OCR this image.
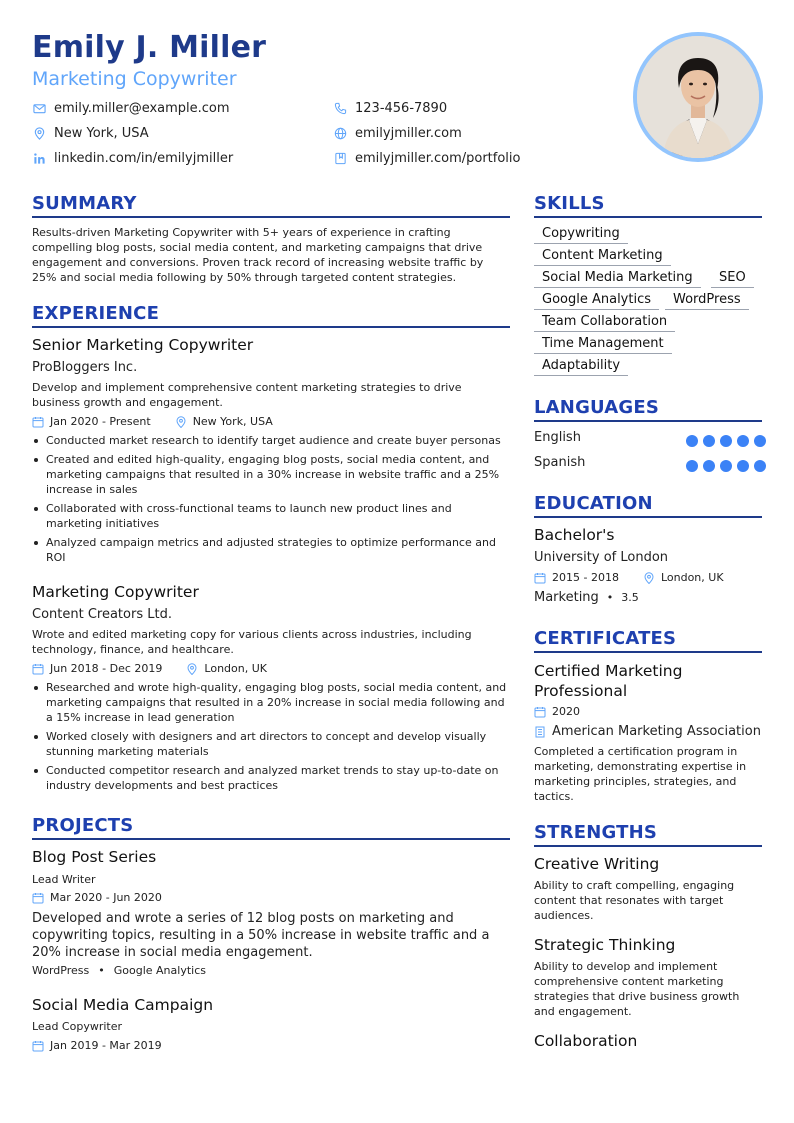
Emily J. Miller
Marketing Copywriter
emily.miller@example.com	123-456-7890
New York, USA	emilyjmiller.com
linkedin.com/in/emilyjmiller	emilyjmiller.com/portfolio
SUMMARY
Results-driven Marketing Copywriter with 5+ years of experience in crafting compelling blog posts, social media content, and marketing campaigns that drive engagement and conversions. Proven track record of increasing website traffic by 25% and social media following by 50% through targeted content strategies.
EXPERIENCE
Senior Marketing Copywriter
ProBloggers Inc.
Develop and implement comprehensive content marketing strategies to drive business growth and engagement.
Jan 2020 - Present	New York, USA
Conducted market research to identify target audience and create buyer personas
Created and edited high-quality, engaging blog posts, social media content, and marketing campaigns that resulted in a 30% increase in website traffic and a 25% increase in sales
Collaborated with cross-functional teams to launch new product lines and marketing initiatives
Analyzed campaign metrics and adjusted strategies to optimize performance and ROI
Marketing Copywriter
Content Creators Ltd.
Wrote and edited marketing copy for various clients across industries, including technology, finance, and healthcare.
Jun 2018 - Dec 2019	London, UK
Researched and wrote high-quality, engaging blog posts, social media content, and marketing campaigns that resulted in a 20% increase in social media following and a 15% increase in lead generation
Worked closely with designers and art directors to concept and develop visually stunning marketing materials
Conducted competitor research and analyzed market trends to stay up-to-date on industry developments and best practices
PROJECTS
Blog Post Series
Lead Writer
Mar 2020 - Jun 2020
Developed and wrote a series of 12 blog posts on marketing and copywriting topics, resulting in a 50% increase in website traffic and a 20% increase in social media engagement.
WordPress • Google Analytics
Social Media Campaign
Lead Copywriter
Jan 2019 - Mar 2019
SKILLS
Copywriting
Content Marketing
Social Media Marketing	SEO
Google Analytics	WordPress
Team Collaboration
Time Management
Adaptability
LANGUAGES
English
Spanish
EDUCATION
Bachelor's
University of London
2015 - 2018	London, UK
Marketing • 3.5
CERTIFICATES
Certified Marketing Professional
2020
American Marketing Association
Completed a certification program in marketing, demonstrating expertise in marketing principles, strategies, and tactics.
STRENGTHS
Creative Writing
Ability to craft compelling, engaging content that resonates with target audiences.
Strategic Thinking
Ability to develop and implement comprehensive content marketing strategies that drive business growth and engagement.
Collaboration
